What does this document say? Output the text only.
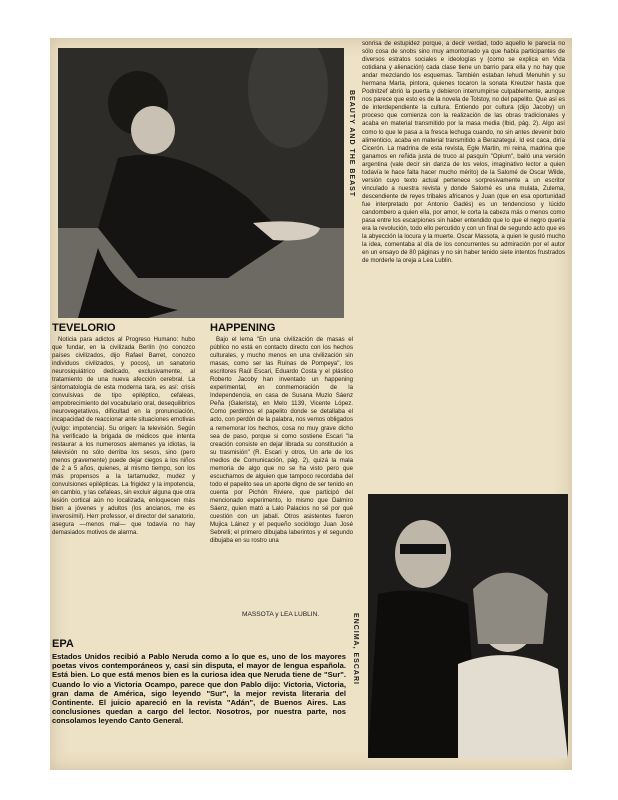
BEAUTY AND THE BEAST

sonrisa de estupidez porque, a decir verdad, todo aquello le parecía no sólo cosa de snobs sino muy amontonado ya que había participantes de diversos estratos sociales e ideologías y (como se explica en Vida cotidiana y alienación) cada clase tiene un barrio para ella y no hay que andar mezclando los esquemas. También estaban Iehudi Menuhin y su hermana Marta, pintora, quienes tocaron la sonata Kreutzer hasta que Podnitzef abrió la puerta y debieron interrumpirse culpablemente, aunque nos parece que esto es de la novela de Tolstoy, no del papelito. Que así es de interdependiente la cultura. Entiendo por cultura (dijo Jacoby) un proceso que comienza con la realización de las obras tradicionales y acaba en material transmitido por la masa media (Ibid, pág. 2). Algo así como lo que le pasa a la fresca lechuga cuando, no sin antes devenir bolo alimenticio, acaba en material transmitido a Berazategui. Id est caca, diría Cicerón. La madrina de esta revista, Egle Martin, mi reina, madrina que ganamos en reñida justa de truco al pasquín "Opium", bailó una versión argentina (vale decir sin danza de los velos, imaginativo lector a quien todavía le hace falta hacer mucho mérito) de la Salomé de Oscar Wilde, versión cuyo texto actual pertenece sorpresivamente a un escritor vinculado a nuestra revista y donde Salomé es una mulata, Zulema, descendiente de reyes tribales africanos y Juan (que en esa oportunidad fue interpretado por Antonio Gadés) es un tendencioso y lúcido candombero a quien ella, por amor, le corta la cabeza más o menos como pasa entre los escarpiones sin haber entendido que lo que el negro quería era la revolución, todo ello percutido y con un final de segundo acto que es la abyección la locura y la muerte. Oscar Massota, a quien le gustó mucho la idea, comentaba al día de los concurrentes su admiración por el autor en un ensayo de 80 páginas y no sin haber tenido siete intentos frustrados de morderle la oreja a Lea Lublin.

TEVELORIO

Noticia para adictos al Progreso Humano: hubo que fundar, en la civilizada Berlín (no conozco países civilizados, dijo Rafael Barret, conozco individuos civilizados, y pocos), un sanatorio neurosiquiátrico dedicado, exclusivamente, al tratamiento de una nueva afección cerebral. La sintomatología de esta moderna tara, es así: crisis convulsivas de tipo epiléptico, cefaleas, empobrecimiento del vocabulario oral, desequilibrios neurovegetativos, dificultad en la pronunciación, incapacidad de reaccionar ante situaciones emotivas (vulgo: impotencia). Su origen: la televisión. Según ha verificado la brigada de médicos que intenta restaurar a los numerosos alemanes ya idiotas, la televisión no sólo derriba los sesos, sino (pero menos gravemente) puede dejar ciegos a los niños de 2 a 5 años, quienes, al mismo tiempo, son los más propensos a la tartamudez, mudez y convulsiones epilépticas. La frigidez y la impotencia, en cambio, y las cefaleas, sin excluir alguna que otra lesión cortical aún no localizada, enloquecen más bien a jóvenes y adultos (los ancianos, me es inverosímil). Herr professor, el director del sanatorio, asegura —menos mal— que todavía no hay demasiados motivos de alarma.

HAPPENING

Bajo el lema "En una civilización de masas el público no está en contacto directo con los hechos culturales, y mucho menos en una civilización sin masas, como ser las Ruinas de Pompeya", los escritores Raúl Escari, Eduardo Costa y el plástico Roberto Jacoby han inventado un happening experimental, en conmemoración de la Independencia, en casa de Susana Muzio Sáenz Peña (Galerista), en Melo 1139, Vicente López. Como perdimos el papelito donde se detallaba el acto, con perdón de la palabra, nos vemos obligados a rememorar los hechos, cosa no muy grave dicho sea de paso, porque si como sostiene Escari "la creación consiste en dejar librada su constitución a su trasmisión" (R. Escari y otros, Un arte de los medios de Comunicación, pág. 2), quizá la mala memoria de algo que no se ha visto pero que escuchamos de alguien que tampoco recordaba del todo el papelito sea un aporte digno de ser tenido en cuenta por Pichón Riviere, que participó del mencionado experimento, lo mismo que Dalmiro Sáenz, quien mató a Lalo Palacios no sé por qué cuestión con un jabalí. Otros asistentes fueron Mujica Láinez y el pequeño sociólogo Juan José Sebrelli; el primero dibujaba laberintos y el segundo dibujaba en su rostro una

MASSOTA y LEA LUBLIN.	ENCIMA, ESCARI
EPA
Estados Unidos recibió a Pablo Neruda como a lo que es, uno de los mayores poetas vivos contemporáneos y, casi sin disputa, el mayor de lengua española. Está bien. Lo que está menos bien es la curiosa idea que Neruda tiene de "Sur". Cuando lo vio a Victoria Ocampo, parece que don Pablo dijo: Victoria, Victoria, gran dama de América, sigo leyendo "Sur", la mejor revista literaria del Continente. El juicio apareció en la revista "Adán", de Buenos Aires. Las conclusiones quedan a cargo del lector. Nosotros, por nuestra parte, nos consolamos leyendo Canto General.
